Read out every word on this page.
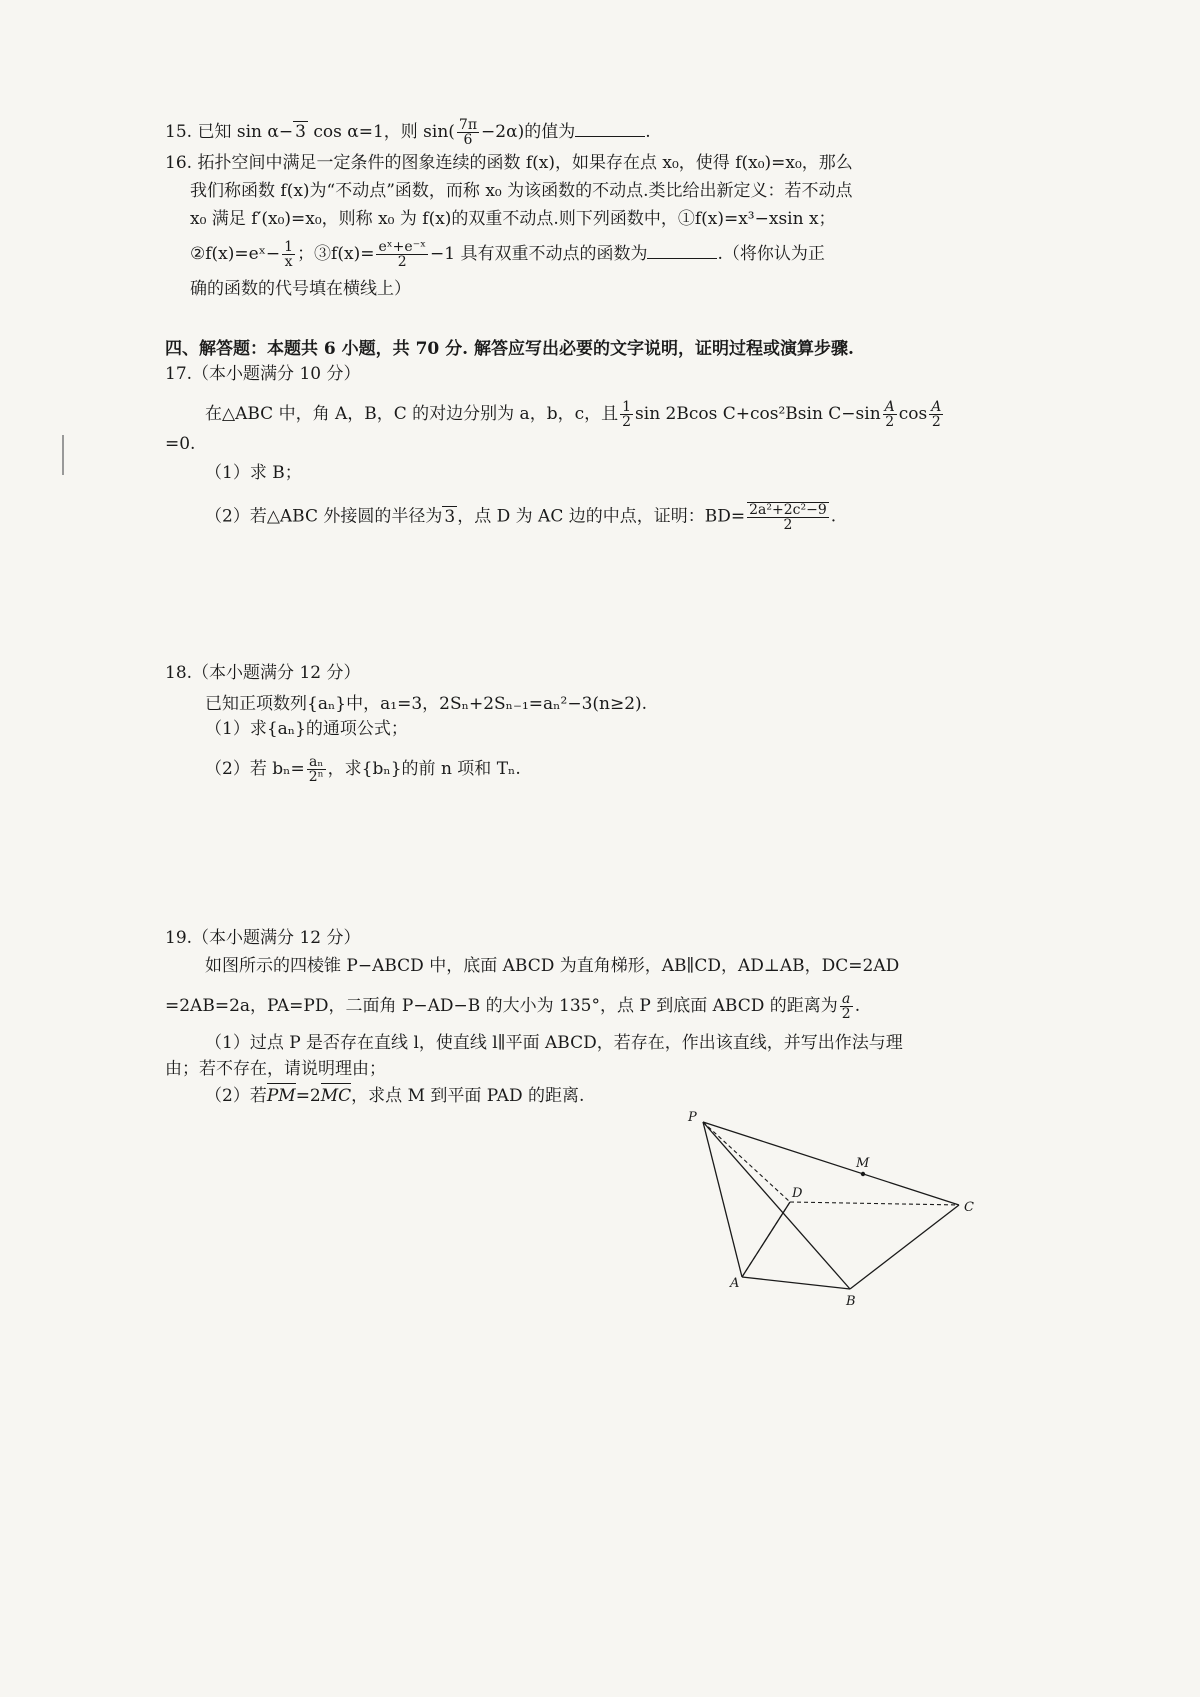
15. 已知 sin α− 3 cos α=1，则 $\sin( \frac{7\pi}{6} -2\alpha)$的值为	.
16. 拓扑空间中满足一定条件的图象连续的函数 f(x)，如果存在点 x₀，使得 f(x₀)=x₀，那么
我们称函数 f(x)为“不动点”函数，而称 x₀ 为该函数的不动点.类比给出新定义：若不动点
x₀ 满足 f′(x₀)=x₀，则称 x₀ 为 f(x)的双重不动点.则下列函数中，①f(x)=x³−xsin x；
②f(x)=eˣ− $\frac{1}{x}$ ；③f(x)= $\frac{\text{eˣ+e⁻ˣ}}{2} -1$ 具有双重不动点的函数为	.（将你认为正
确的函数的代号填在横线上）
四、解答题：本题共 6 小题，共 70 分. 解答应写出必要的文字说明，证明过程或演算步骤.
17.（本小题满分 10 分）
在△ABC 中，角 A，B，C 的对边分别为 a，b，c，且 $\frac{1}{2}$ sin 2Bcos C+cos²Bsin $C-\sin \frac{A}{2}$ $\cos \frac{A}{2}$
=0.
（1）求 B；
（2）若△ABC 外接圆的半径为 3 ，点 D 为 AC 边的中点，证明：$BD= \frac{\text{2a²+2c²−9}}{2}$ .
18.（本小题满分 12 分）
已知正项数列{aₙ}中，a₁=3，2Sₙ+2Sₙ₋₁=aₙ²−3(n≥2).
（1）求{aₙ}的通项公式；
（2）若 $b_n= \frac{\text{aₙ}}{\text{2ⁿ}}$ ，求{bₙ}的前 n 项和 Tₙ.
19.（本小题满分 12 分）
如图所示的四棱锥 P−ABCD 中，底面 ABCD 为直角梯形，AB∥CD，AD⊥AB，DC=2AD
=2AB=2a，PA=PD，二面角 P−AD−B 的大小为 135°，点 P 到底面 ABCD 的距离为 $\frac{a}{2}$ .
（1）过点 P 是否存在直线 l，使直线 l∥平面 ABCD，若存在，作出该直线，并写出作法与理
由；若不存在，请说明理由；
（2）若PM=2MC，求点 M 到平面 PAD 的距离.
P
M
D
C
A
B
